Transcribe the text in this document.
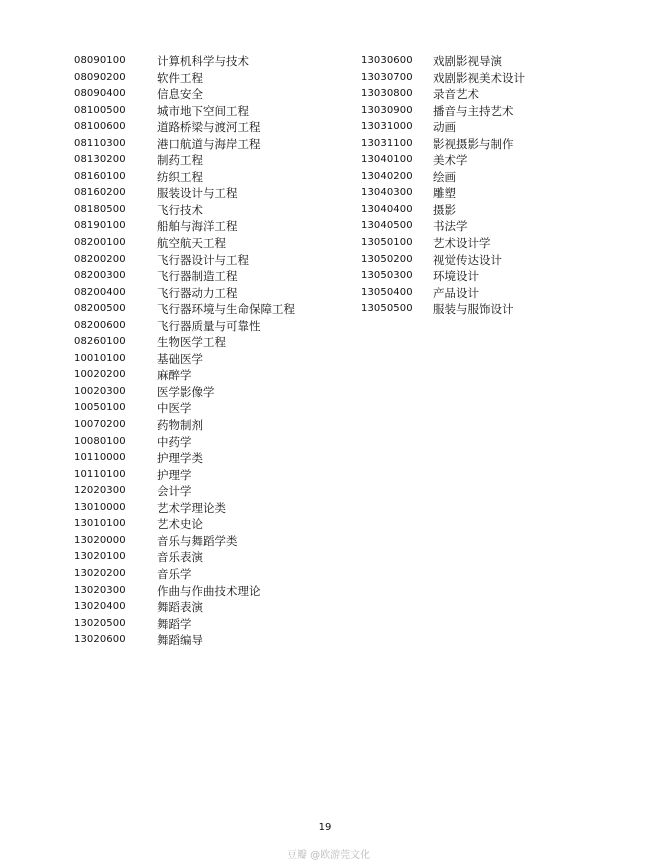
08090100	计算机科学与技术
08090200	软件工程
08090400	信息安全
08100500	城市地下空间工程
08100600	道路桥梁与渡河工程
08110300	港口航道与海岸工程
08130200	制药工程
08160100	纺织工程
08160200	服装设计与工程
08180500	飞行技术
08190100	船舶与海洋工程
08200100	航空航天工程
08200200	飞行器设计与工程
08200300	飞行器制造工程
08200400	飞行器动力工程
08200500	飞行器环境与生命保障工程
08200600	飞行器质量与可靠性
08260100	生物医学工程
10010100	基础医学
10020200	麻醉学
10020300	医学影像学
10050100	中医学
10070200	药物制剂
10080100	中药学
10110000	护理学类
10110100	护理学
12020300	会计学
13010000	艺术学理论类
13010100	艺术史论
13020000	音乐与舞蹈学类
13020100	音乐表演
13020200	音乐学
13020300	作曲与作曲技术理论
13020400	舞蹈表演
13020500	舞蹈学
13020600	舞蹈编导
13030600	戏剧影视导演
13030700	戏剧影视美术设计
13030800	录音艺术
13030900	播音与主持艺术
13031000	动画
13031100	影视摄影与制作
13040100	美术学
13040200	绘画
13040300	雕塑
13040400	摄影
13040500	书法学
13050100	艺术设计学
13050200	视觉传达设计
13050300	环境设计
13050400	产品设计
13050500	服装与服饰设计
19
豆瓣 @欧游莞文化
